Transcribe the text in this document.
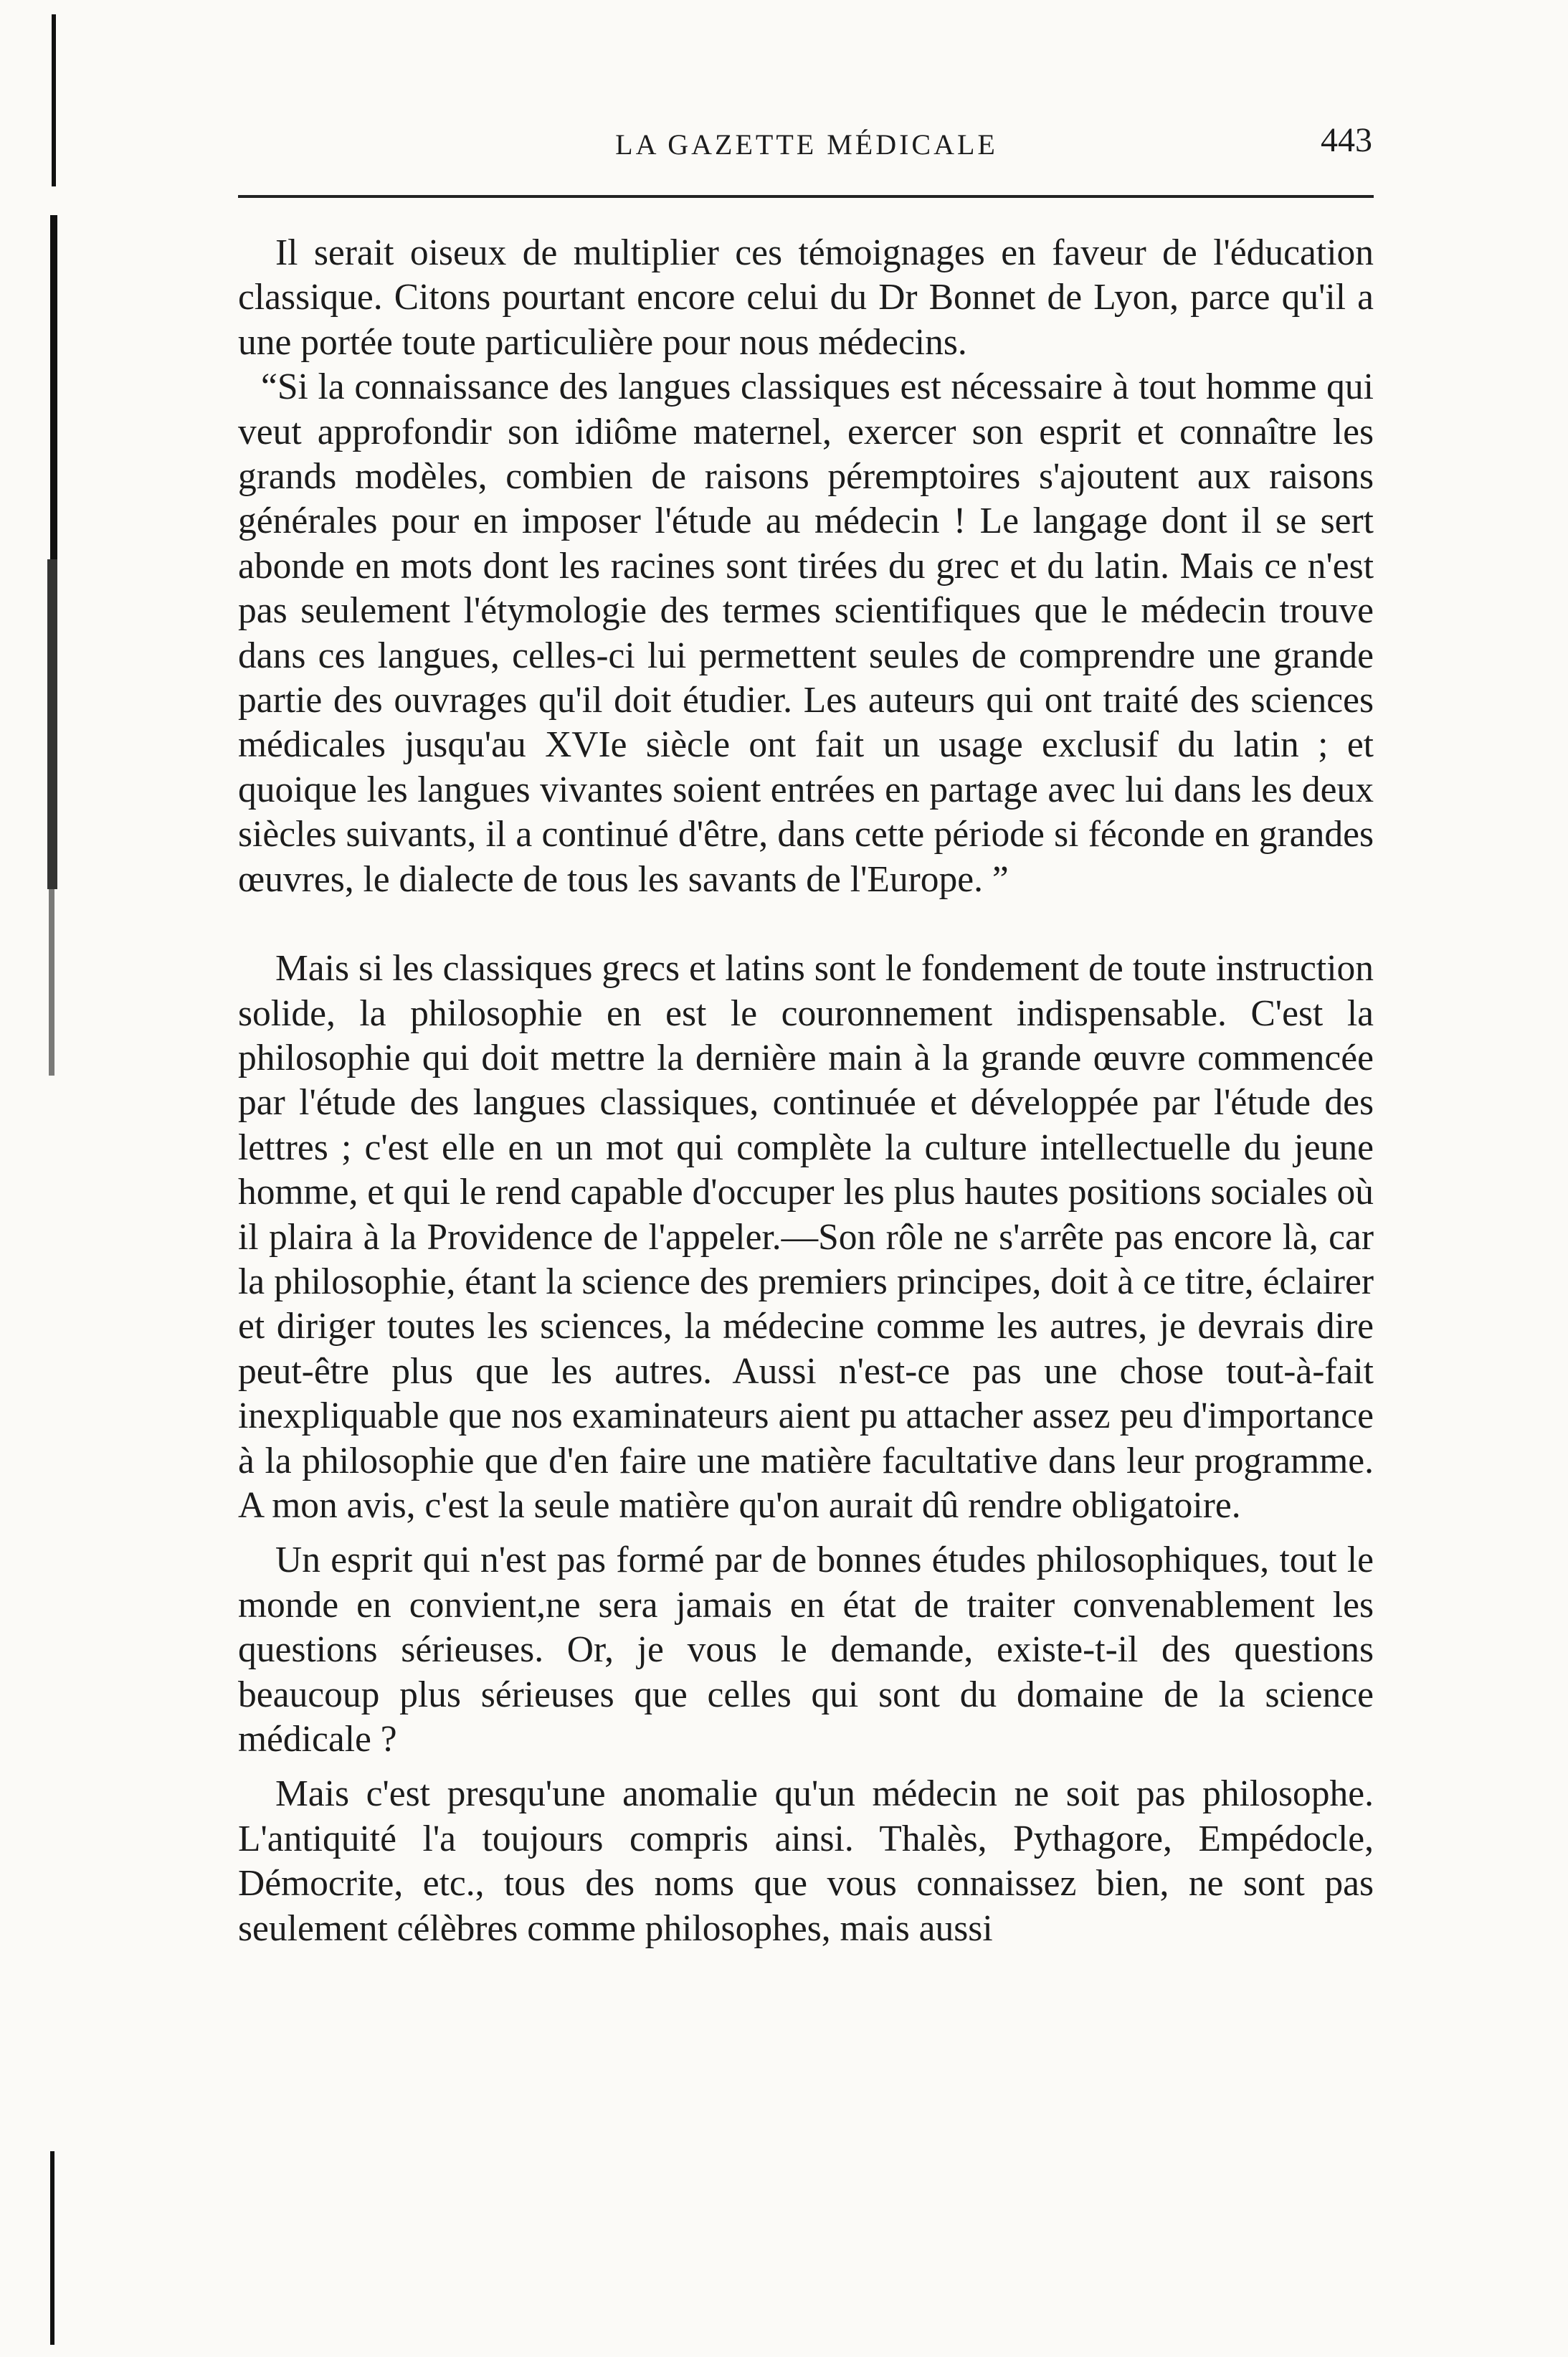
LA GAZETTE MÉDICALE	443

Il serait oiseux de multiplier ces témoignages en faveur de l'éducation classique. Citons pourtant encore celui du Dr Bonnet de Lyon, parce qu'il a une portée toute particulière pour nous médecins.

“Si la connaissance des langues classiques est nécessaire à tout homme qui veut approfondir son idiôme maternel, exercer son esprit et connaître les grands modèles, combien de raisons péremptoires s'ajoutent aux raisons générales pour en imposer l'étude au médecin ! Le langage dont il se sert abonde en mots dont les racines sont tirées du grec et du latin. Mais ce n'est pas seulement l'étymologie des termes scientifiques que le médecin trouve dans ces langues, celles-ci lui permettent seules de comprendre une grande partie des ouvrages qu'il doit étudier. Les auteurs qui ont traité des sciences médicales jusqu'au XVIe siècle ont fait un usage exclusif du latin ; et quoique les langues vivantes soient entrées en partage avec lui dans les deux siècles suivants, il a continué d'être, dans cette période si féconde en grandes œuvres, le dialecte de tous les savants de l'Europe. ”

Mais si les classiques grecs et latins sont le fondement de toute instruction solide, la philosophie en est le couronnement indispensable. C'est la philosophie qui doit mettre la dernière main à la grande œuvre commencée par l'étude des langues classiques, continuée et développée par l'étude des lettres ; c'est elle en un mot qui complète la culture intellectuelle du jeune homme, et qui le rend capable d'occuper les plus hautes positions sociales où il plaira à la Providence de l'appeler.—Son rôle ne s'arrête pas encore là, car la philosophie, étant la science des premiers principes, doit à ce titre, éclairer et diriger toutes les sciences, la médecine comme les autres, je devrais dire peut-être plus que les autres. Aussi n'est-ce pas une chose tout-à-fait inexpliquable que nos examinateurs aient pu attacher assez peu d'importance à la philosophie que d'en faire une matière facultative dans leur programme. A mon avis, c'est la seule matière qu'on aurait dû rendre obligatoire.

Un esprit qui n'est pas formé par de bonnes études philosophiques, tout le monde en convient,ne sera jamais en état de traiter convenablement les questions sérieuses. Or, je vous le demande, existe-t-il des questions beaucoup plus sérieuses que celles qui sont du domaine de la science médicale ?

Mais c'est presqu'une anomalie qu'un médecin ne soit pas philosophe. L'antiquité l'a toujours compris ainsi. Thalès, Pythagore, Empédocle, Démocrite, etc., tous des noms que vous connaissez bien, ne sont pas seulement célèbres comme philosophes, mais aussi
